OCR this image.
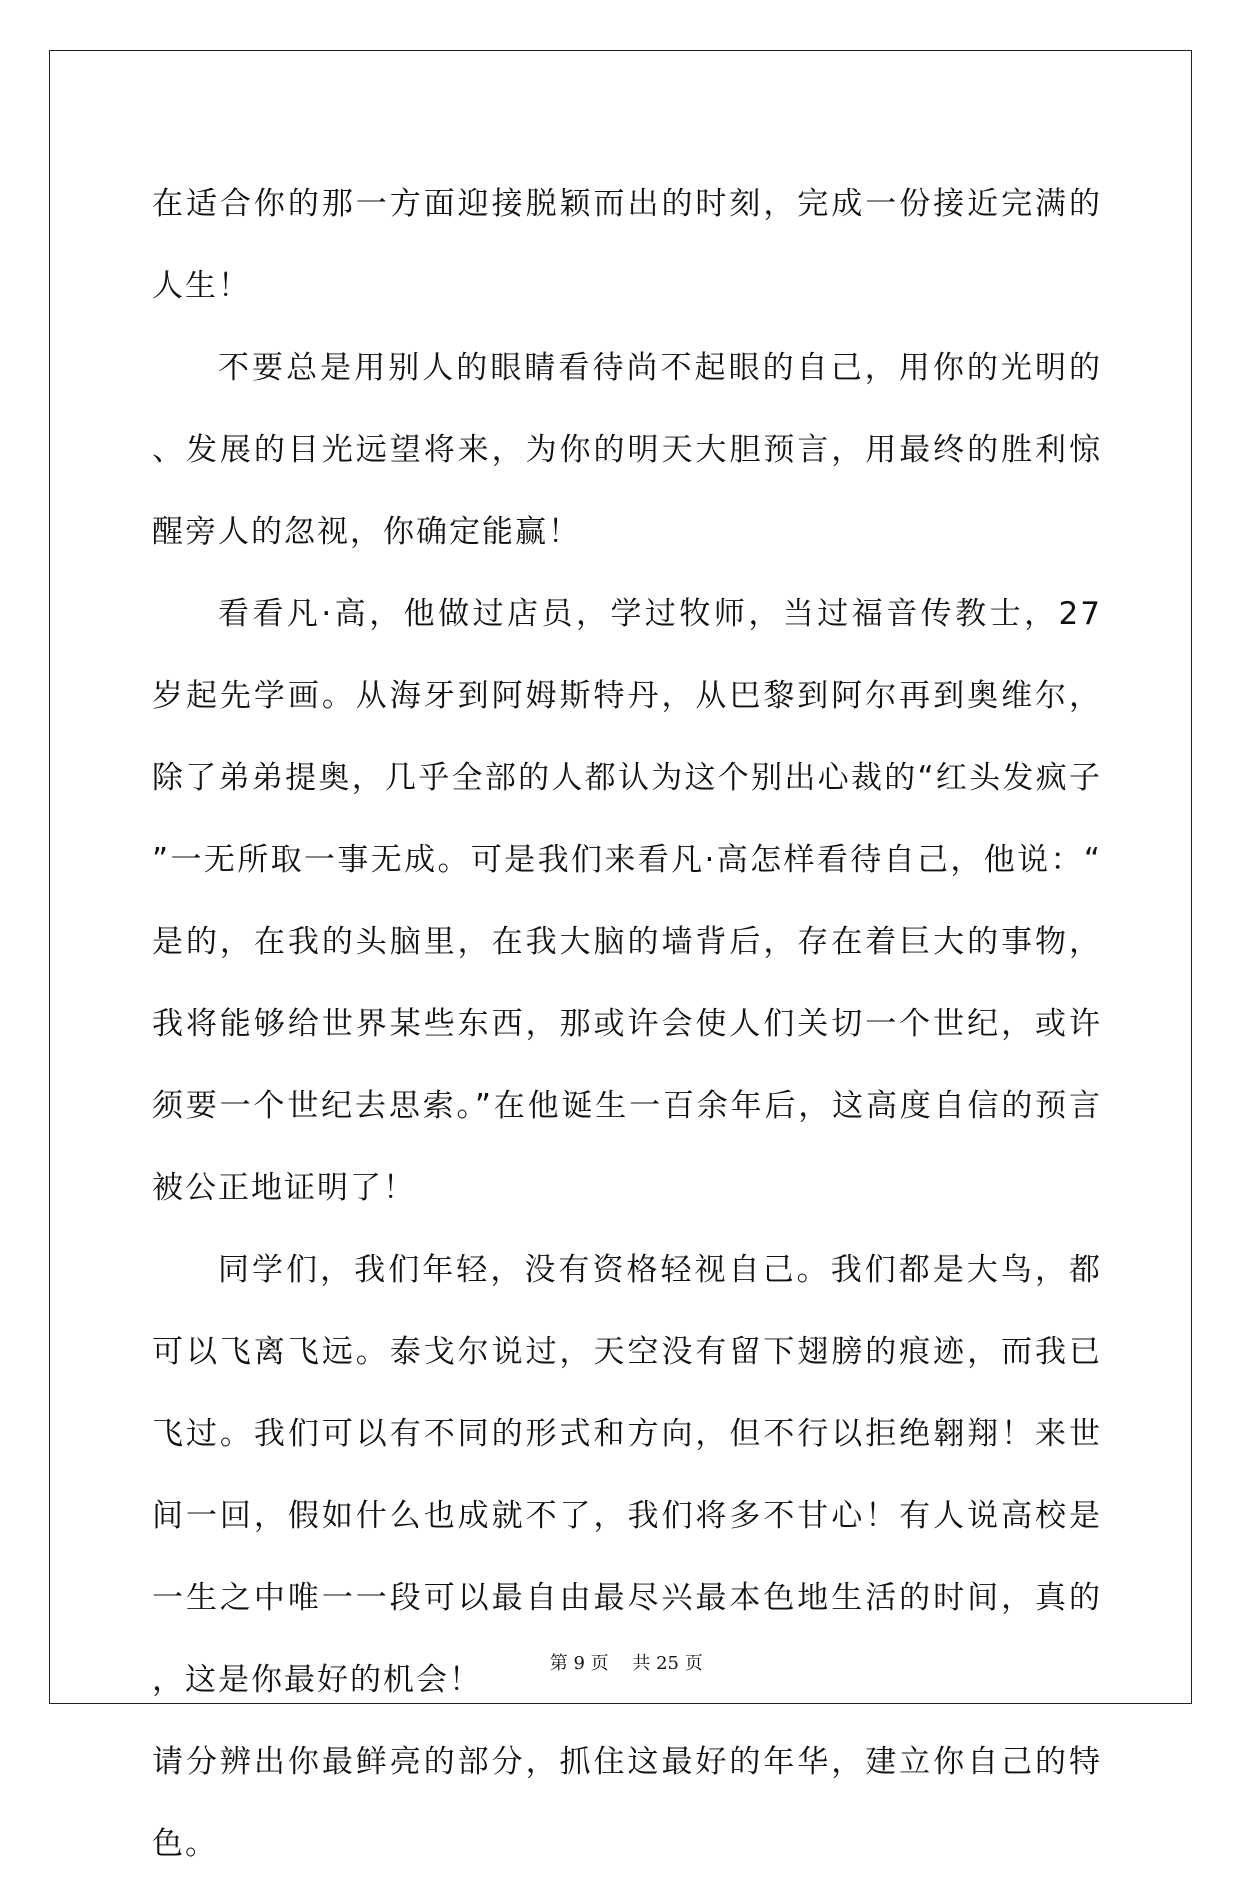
在适合你的那一方面迎接脱颖而出的时刻，完成一份接近完满的人生！

不要总是用别人的眼睛看待尚不起眼的自己，用你的光明的、发展的目光远望将来，为你的明天大胆预言，用最终的胜利惊醒旁人的忽视，你确定能赢！

看看凡·高，他做过店员，学过牧师，当过福音传教士，27 岁起先学画。从海牙到阿姆斯特丹，从巴黎到阿尔再到奥维尔，除了弟弟提奥，几乎全部的人都认为这个别出心裁的“红头发疯子”一无所取一事无成。可是我们来看凡·高怎样看待自己，他说：“是的，在我的头脑里，在我大脑的墙背后，存在着巨大的事物，我将能够给世界某些东西，那或许会使人们关切一个世纪，或许须要一个世纪去思索。”在他诞生一百余年后，这高度自信的预言被公正地证明了！

同学们，我们年轻，没有资格轻视自己。我们都是大鸟，都可以飞离飞远。泰戈尔说过，天空没有留下翅膀的痕迹，而我已飞过。我们可以有不同的形式和方向，但不行以拒绝翱翔！来世间一回，假如什么也成就不了，我们将多不甘心！有人说高校是一生之中唯一一段可以最自由最尽兴最本色地生活的时间，真的，这是你最好的机会！

请分辨出你最鲜亮的部分，抓住这最好的年华，建立你自己的特色。

第 9 页　 共 25 页
